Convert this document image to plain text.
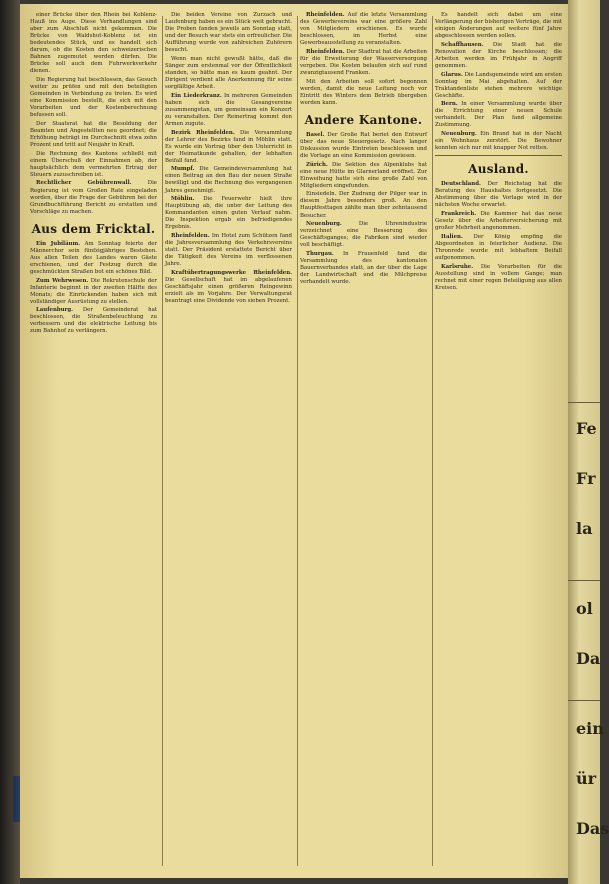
einer Brücke über den Rhein bei Koblenz-Hauß ins Auge. Diese Verhandlungen sind aber zum Abschluß nicht gekommen. Die Brücke von Waldshut-Koblenz ist ein bedeutendes Stück, und es handelt sich darum, ob die Kosten den schweizerischen Bahnen zugemutet werden dürfen. Die Brücke soll auch dem Fuhrwerkverkehr dienen.

Die Regierung hat beschlossen, das Gesuch weiter zu prüfen und mit den beteiligten Gemeinden in Verbindung zu treten. Es wird eine Kommission bestellt, die sich mit den Vorarbeiten und der Kostenberechnung befassen soll.

Der Staatsrat hat die Besoldung der Beamten und Angestellten neu geordnet; die Erhöhung beträgt im Durchschnitt etwa zehn Prozent und tritt auf Neujahr in Kraft.

Die Rechnung des Kantons schließt mit einem Überschuß der Einnahmen ab, der hauptsächlich dem vermehrten Ertrag der Steuern zuzuschreiben ist.

Rechtlicher Gebührenwall.	Die Regierung ist vom Großen Rate eingeladen worden, über die Frage der Gebühren bei der Grundbuchführung Bericht zu erstatten und Vorschläge zu machen.

Aus dem Fricktal.

Ein Jubiläum. Am Sonntag feierte der Männerchor sein fünfzigjähriges Bestehen. Aus allen Teilen des Landes waren Gäste erschienen, und der Festzug durch die geschmückten Straßen bot ein schönes Bild.

Zum Wehrwesen. Die Rekrutenschule der Infanterie beginnt in der zweiten Hälfte des Monats; die Einrückenden haben sich mit vollständiger Ausrüstung zu stellen.

Laufenburg. Der Gemeinderat hat beschlossen, die Straßenbeleuchtung zu verbessern und die elektrische Leitung bis zum Bahnhof zu verlängern.

Die beiden Vereine von Zurzach und Laufenburg haben es ein Stück weit gebracht. Die Proben fanden jeweils am Sonntag statt, und der Besuch war stets ein erfreulicher. Die Aufführung wurde von zahlreichen Zuhörern besucht.

Wenn man nicht gewußt hätte, daß die Sänger zum erstenmal vor der Öffentlichkeit standen, so hätte man es kaum geahnt. Der Dirigent verdient alle Anerkennung für seine sorgfältige Arbeit.

Ein Liederkranz. In mehreren Gemeinden haben sich die Gesangvereine zusammengetan, um gemeinsam ein Konzert zu veranstalten. Der Reinertrag kommt den Armen zugute.

Bezirk Rheinfelden. Die Versammlung der Lehrer des Bezirks fand in Möhlin statt. Es wurde ein Vortrag über den Unterricht in der Heimatkunde gehalten, der lebhaften Beifall fand.

Mumpf. Die Gemeindeversammlung hat einen Beitrag an den Bau der neuen Straße bewilligt und die Rechnung des vergangenen Jahres genehmigt.

Möhlin. Die Feuerwehr hielt ihre Hauptübung ab, die unter der Leitung des Kommandanten einen guten Verlauf nahm. Die Inspektion ergab ein befriedigendes Ergebnis.

Rheinfelden. Im Hotel zum Schützen fand die Jahresversammlung des Verkehrsvereins statt. Der Präsident erstattete Bericht über die Tätigkeit des Vereins im verflossenen Jahre.

Kraftübertragungswerke Rheinfelden. Die Gesellschaft hat im abgelaufenen Geschäftsjahr einen größeren Reingewinn erzielt als im Vorjahre. Der Verwaltungsrat beantragt eine Dividende von sieben Prozent.

Rheinfelden. Auf die letzte Versammlung des Gewerbevereins war eine größere Zahl von Mitgliedern erschienen. Es wurde beschlossen, im Herbst eine Gewerbeausstellung zu veranstalten.

Rheinfelden. Der Stadtrat hat die Arbeiten für die Erweiterung der Wasserversorgung vergeben. Die Kosten belaufen sich auf rund zwanzigtausend Franken.

Mit den Arbeiten soll sofort begonnen werden, damit die neue Leitung noch vor Eintritt des Winters dem Betrieb übergeben werden kann.

Andere Kantone.

Basel. Der Große Rat beriet den Entwurf über das neue Steuergesetz. Nach langer Diskussion wurde Eintreten beschlossen und die Vorlage an eine Kommission gewiesen.

Zürich. Die Sektion des Alpenklubs hat eine neue Hütte im Glarnerland eröffnet. Zur Einweihung hatte sich eine große Zahl von Mitgliedern eingefunden.

Einsiedeln. Der Zudrang der Pilger war in diesem Jahre besonders groß. An den Hauptfesttagen zählte man über zehntausend Besucher.

Neuenburg.	Die Uhrenindustrie verzeichnet eine Besserung des Geschäftsganges; die Fabriken sind wieder voll beschäftigt.

Thurgau. In Frauenfeld fand die Versammlung des kantonalen Bauernverbandes statt, an der über die Lage der Landwirtschaft und die Milchpreise verhandelt wurde.

Es handelt sich dabei um eine Verlängerung der bisherigen Verträge, die mit einigen Änderungen auf weitere fünf Jahre abgeschlossen werden sollen.

Schaffhausen. Die Stadt hat die Renovation der Kirche beschlossen; die Arbeiten werden im Frühjahr in Angriff genommen.

Glarus. Die Landsgemeinde wird am ersten Sonntag im Mai abgehalten. Auf der Traktandenliste stehen mehrere wichtige Geschäfte.

Bern. In einer Versammlung wurde über die Errichtung einer neuen Schule verhandelt. Der Plan fand allgemeine Zustimmung.

Neuenburg. Ein Brand hat in der Nacht ein Wohnhaus zerstört. Die Bewohner konnten sich nur mit knapper Not retten.

Ausland.

Deutschland. Der Reichstag hat die Beratung des Haushaltes fortgesetzt. Die Abstimmung über die Vorlage wird in der nächsten Woche erwartet.

Frankreich. Die Kammer hat das neue Gesetz über die Arbeiterversicherung mit großer Mehrheit angenommen.

Italien. Der König empfing die Abgeordneten in feierlicher Audienz. Die Thronrede wurde mit lebhaftem Beifall aufgenommen.

Karlsruhe. Die Vorarbeiten für die Ausstellung sind in vollem Gange; man rechnet mit einer regen Beteiligung aus allen Kreisen.

Fe
Fr
la
ol
Da
ein
ür
Das
